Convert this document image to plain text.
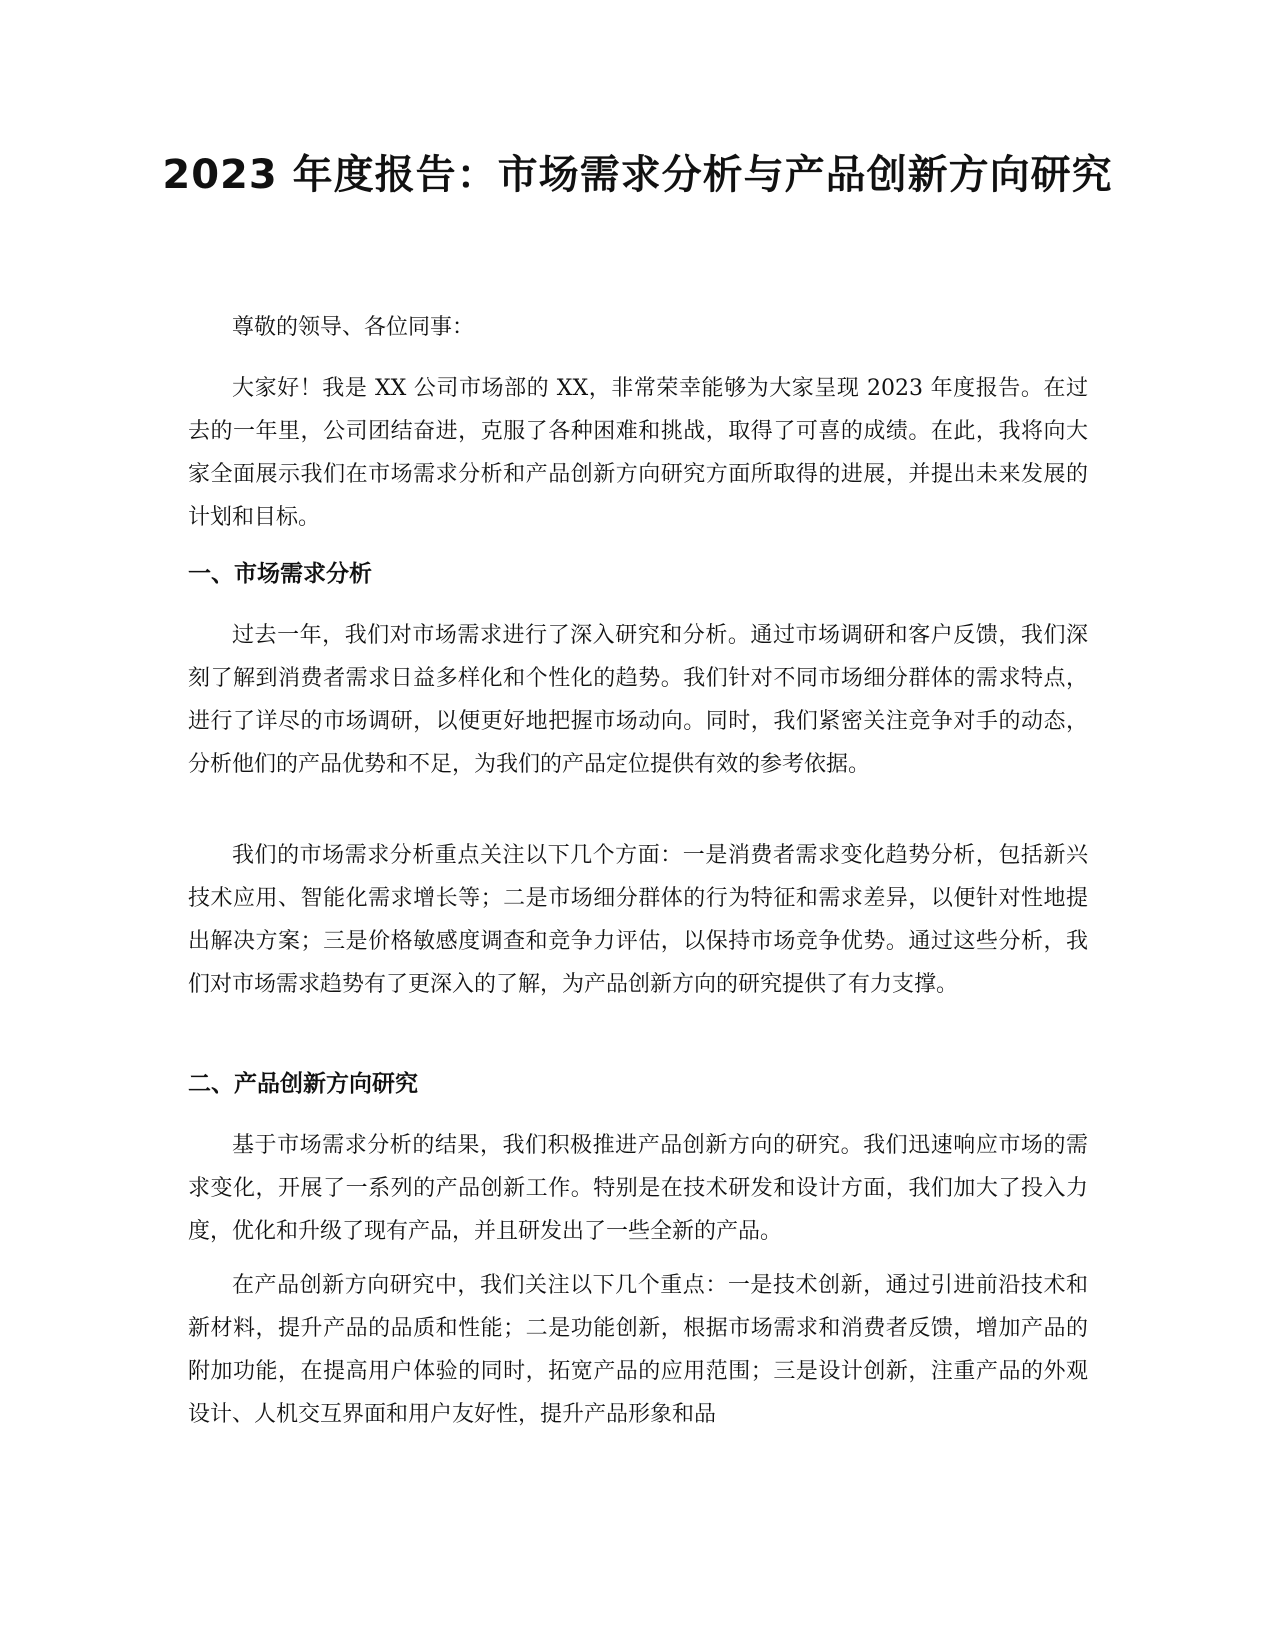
2023 年度报告：市场需求分析与产品创新方向研究

尊敬的领导、各位同事：

大家好！我是 XX 公司市场部的 XX，非常荣幸能够为大家呈现 2023 年度报告。在过去的一年里，公司团结奋进，克服了各种困难和挑战，取得了可喜的成绩。在此，我将向大家全面展示我们在市场需求分析和产品创新方向研究方面所取得的进展，并提出未来发展的计划和目标。

一、市场需求分析

过去一年，我们对市场需求进行了深入研究和分析。通过市场调研和客户反馈，我们深刻了解到消费者需求日益多样化和个性化的趋势。我们针对不同市场细分群体的需求特点，进行了详尽的市场调研，以便更好地把握市场动向。同时，我们紧密关注竞争对手的动态，分析他们的产品优势和不足，为我们的产品定位提供有效的参考依据。

我们的市场需求分析重点关注以下几个方面：一是消费者需求变化趋势分析，包括新兴技术应用、智能化需求增长等；二是市场细分群体的行为特征和需求差异，以便针对性地提出解决方案；三是价格敏感度调查和竞争力评估，以保持市场竞争优势。通过这些分析，我们对市场需求趋势有了更深入的了解，为产品创新方向的研究提供了有力支撑。

二、产品创新方向研究

基于市场需求分析的结果，我们积极推进产品创新方向的研究。我们迅速响应市场的需求变化，开展了一系列的产品创新工作。特别是在技术研发和设计方面，我们加大了投入力度，优化和升级了现有产品，并且研发出了一些全新的产品。

在产品创新方向研究中，我们关注以下几个重点：一是技术创新，通过引进前沿技术和新材料，提升产品的品质和性能；二是功能创新，根据市场需求和消费者反馈，增加产品的附加功能，在提高用户体验的同时，拓宽产品的应用范围；三是设计创新，注重产品的外观设计、人机交互界面和用户友好性，提升产品形象和品
